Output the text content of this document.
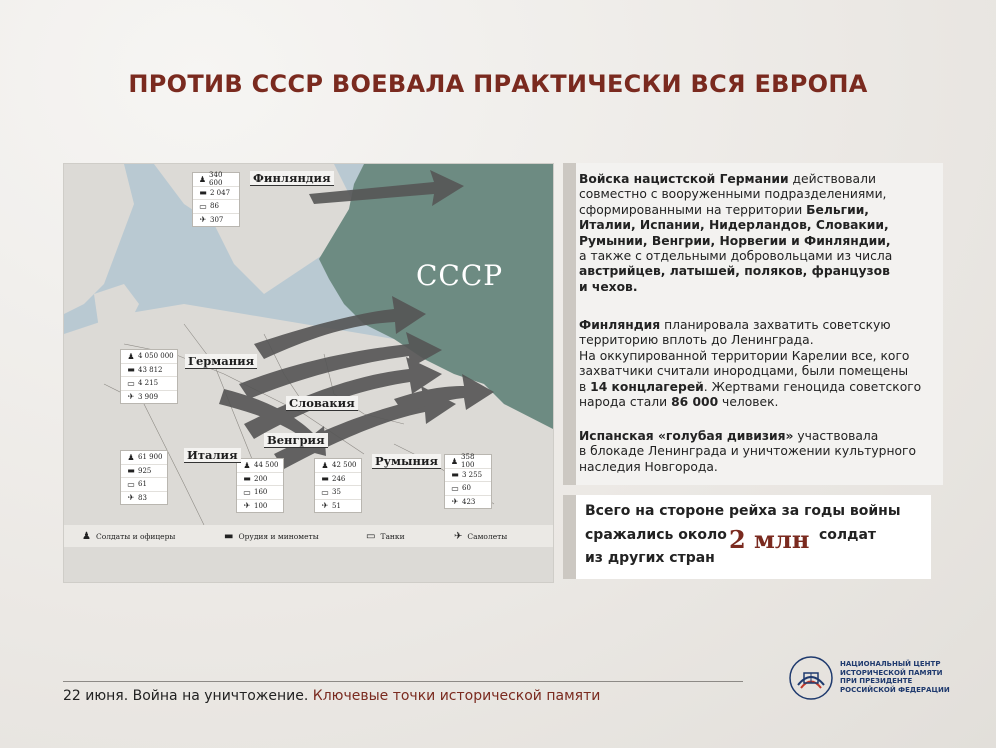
ПРОТИВ СССР ВОЕВАЛА ПРАКТИЧЕСКИ ВСЯ ЕВРОПА
СССР
Финляндия
♟ 340 600
▬ 2 047
▭ 86
✈ 307
Германия
♟ 4 050 000
▬ 43 812
▭ 4 215
✈ 3 909	Словакия
♟ 42 500
▬ 246
▭ 35
✈ 51
Венгрия
♟ 44 500
▬ 200
▭ 160
✈ 100
Италия
♟ 61 900
▬ 925
▭ 61
✈ 83
Румыния	♟ 358 100
▬ 3 255
▭ 60
✈ 423
♟ Солдаты и офицеры	▬ Орудия и минометы	▭ Танки	✈ Самолеты
Войска нацистской Германии действовали
совместно с вооруженными подразделениями,
сформированными на территории Бельгии,
Италии, Испании, Нидерландов, Словакии,
Румынии, Венгрии, Норвегии и Финляндии,
а также с отдельными добровольцами из числа
австрийцев, латышей, поляков, французов
и чехов.
Финляндия планировала захватить советскую
территорию вплоть до Ленинграда.
На оккупированной территории Карелии все, кого
захватчики считали инородцами, были помещены
в 14 концлагерей. Жертвами геноцида советского
народа стали 86 000 человек.
Испанская «голубая дивизия» участвовала
в блокаде Ленинграда и уничтожении культурного
наследия Новгорода.
Всего на стороне рейха за годы войны
сражались около 2 млн солдат
из других стран
22 июня. Война на уничтожение. Ключевые точки исторической памяти
НАЦИОНАЛЬНЫЙ ЦЕНТР
ИСТОРИЧЕСКОЙ ПАМЯТИ
ПРИ ПРЕЗИДЕНТЕ
РОССИЙСКОЙ ФЕДЕРАЦИИ
